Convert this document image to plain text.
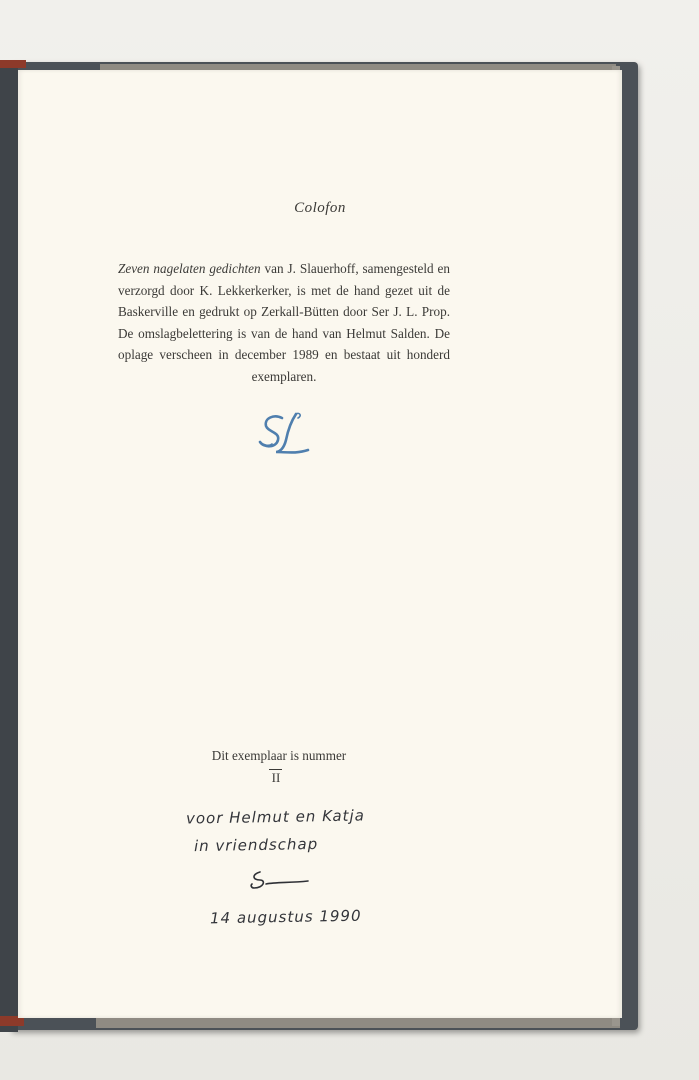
Colofon
Zeven nagelaten gedichten van J. Slauerhoff, samengesteld en verzorgd door K. Lekkerkerker, is met de hand gezet uit de Baskerville en gedrukt op Zerkall-Bütten door Ser J. L. Prop. De omslagbelettering is van de hand van Helmut Salden. De oplage verscheen in december 1989 en bestaat uit honderd exemplaren.
Dit exemplaar is nummer
II
voor Helmut en Katja
in vriendschap
14 augustus 1990
